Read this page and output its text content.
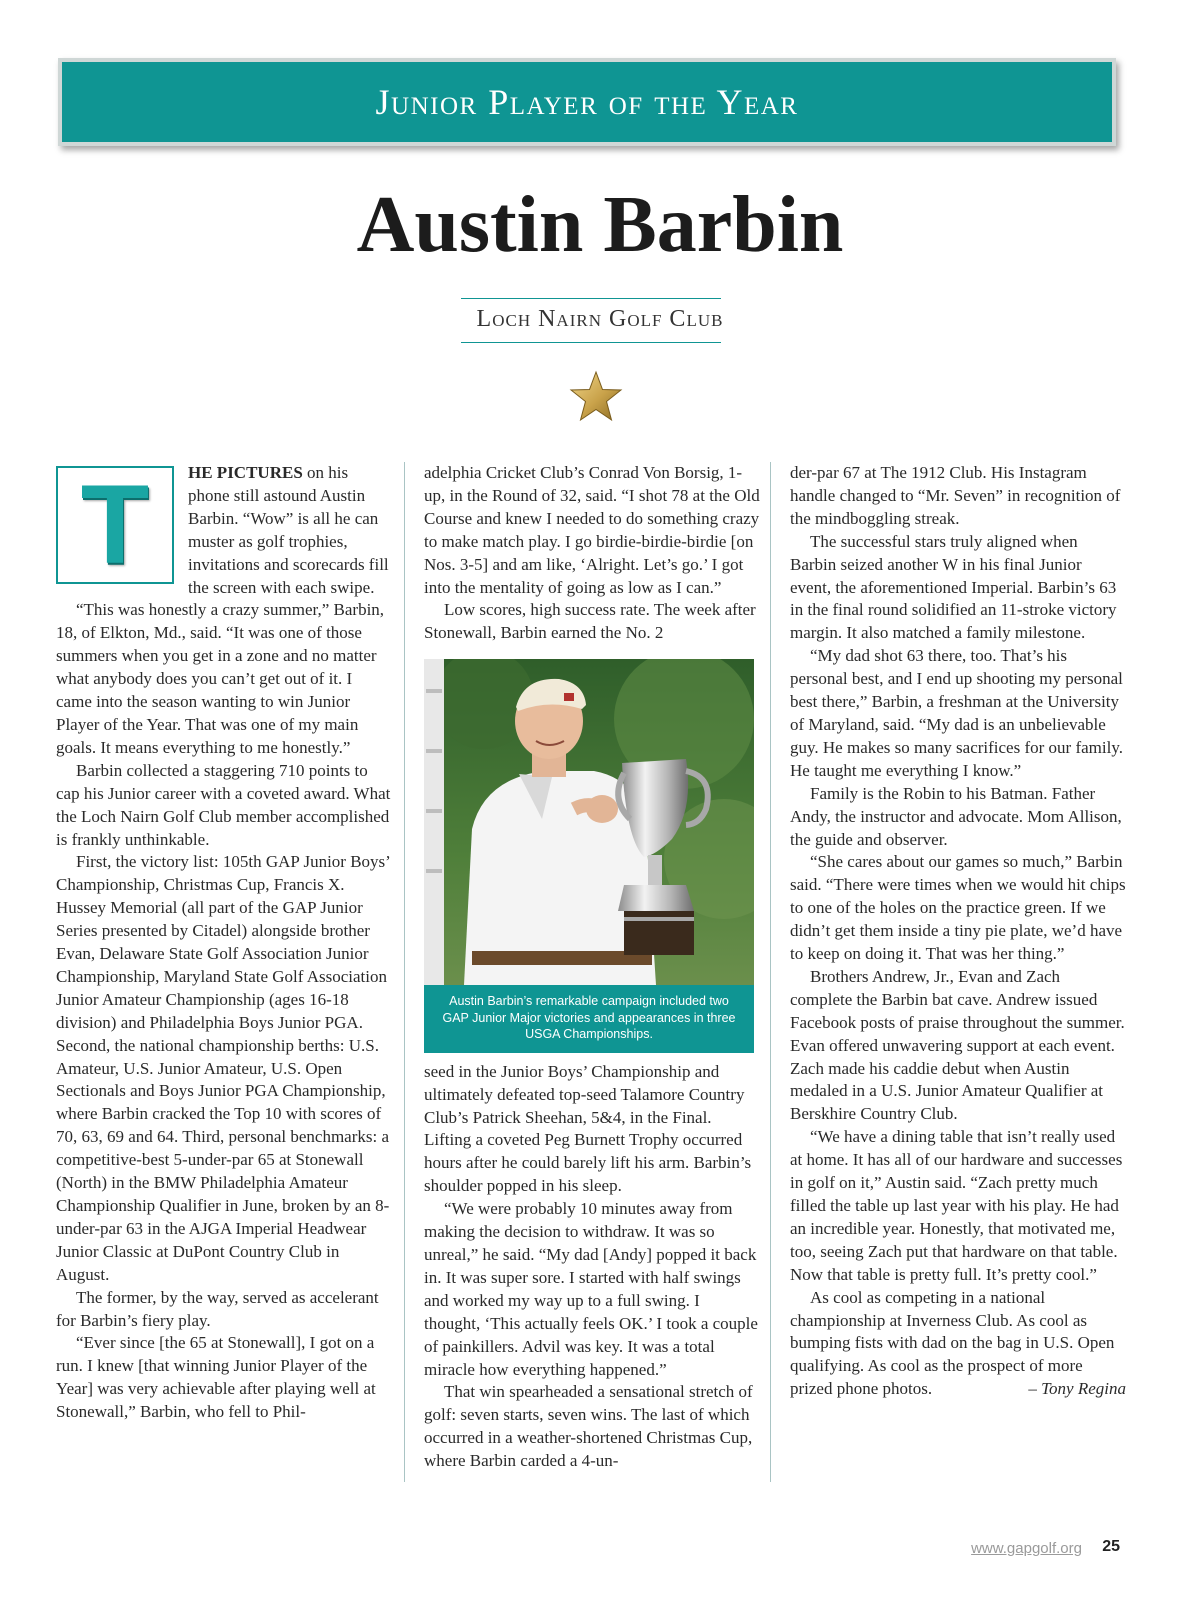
Junior Player of the Year
Austin Barbin
Loch Nairn Golf Club
T	HE PICTURES on his phone still astound Austin Barbin. “Wow” is all he can muster as golf trophies, invitations and scorecards fill the screen with each swipe.

“This was honestly a crazy summer,” Barbin, 18, of Elkton, Md., said. “It was one of those summers when you get in a zone and no matter what anybody does you can’t get out of it. I came into the season wanting to win Junior Player of the Year. That was one of my main goals. It means everything to me honestly.”

Barbin collected a staggering 710 points to cap his Junior career with a coveted award. What the Loch Nairn Golf Club member accomplished is frankly unthinkable.

First, the victory list: 105th GAP Junior Boys’ Championship, Christmas Cup, Francis X. Hussey Memorial (all part of the GAP Junior Series presented by Citadel) alongside brother Evan, Delaware State Golf Association Junior Championship, Maryland State Golf Association Junior Amateur Championship (ages 16-18 division) and Philadelphia Boys Junior PGA. Second, the national championship berths: U.S. Amateur, U.S. Junior Amateur, U.S. Open Sectionals and Boys Junior PGA Championship, where Barbin cracked the Top 10 with scores of 70, 63, 69 and 64. Third, personal benchmarks: a competitive-best 5-under-par 65 at Stonewall (North) in the BMW Philadelphia Amateur Championship Qualifier in June, broken by an 8-under-par 63 in the AJGA Imperial Headwear Junior Classic at DuPont Country Club in August.

The former, by the way, served as accelerant for Barbin’s fiery play.

“Ever since [the 65 at Stonewall], I got on a run. I knew [that winning Junior Player of the Year] was very achievable after playing well at Stonewall,” Barbin, who fell to Phil-

adelphia Cricket Club’s Conrad Von Borsig, 1-up, in the Round of 32, said. “I shot 78 at the Old Course and knew I needed to do something crazy to make match play. I go birdie-birdie-birdie [on Nos. 3-5] and am like, ‘Alright. Let’s go.’ I got into the mentality of going as low as I can.”

Low scores, high success rate. The week after Stonewall, Barbin earned the No. 2

Austin Barbin’s remarkable campaign included two GAP Junior Major victories and appearances in three USGA Championships.

seed in the Junior Boys’ Championship and ultimately defeated top-seed Talamore Country Club’s Patrick Sheehan, 5&4, in the Final. Lifting a coveted Peg Burnett Trophy occurred hours after he could barely lift his arm. Barbin’s shoulder popped in his sleep.

“We were probably 10 minutes away from making the decision to withdraw. It was so unreal,” he said. “My dad [Andy] popped it back in. It was super sore. I started with half swings and worked my way up to a full swing. I thought, ‘This actually feels OK.’ I took a couple of painkillers. Advil was key. It was a total miracle how everything happened.”

That win spearheaded a sensational stretch of golf: seven starts, seven wins. The last of which occurred in a weather-shortened Christmas Cup, where Barbin carded a 4-un-

der-par 67 at The 1912 Club. His Instagram handle changed to “Mr. Seven” in recognition of the mindboggling streak.

The successful stars truly aligned when Barbin seized another W in his final Junior event, the aforementioned Imperial. Barbin’s 63 in the final round solidified an 11-stroke victory margin. It also matched a family milestone.

“My dad shot 63 there, too. That’s his personal best, and I end up shooting my personal best there,” Barbin, a freshman at the University of Maryland, said. “My dad is an unbelievable guy. He makes so many sacrifices for our family. He taught me everything I know.”

Family is the Robin to his Batman. Father Andy, the instructor and advocate. Mom Allison, the guide and observer.

“She cares about our games so much,” Barbin said. “There were times when we would hit chips to one of the holes on the practice green. If we didn’t get them inside a tiny pie plate, we’d have to keep on doing it. That was her thing.”

Brothers Andrew, Jr., Evan and Zach complete the Barbin bat cave. Andrew issued Facebook posts of praise throughout the summer. Evan offered unwavering support at each event. Zach made his caddie debut when Austin medaled in a U.S. Junior Amateur Qualifier at Berskhire Country Club.

“We have a dining table that isn’t really used at home. It has all of our hardware and successes in golf on it,” Austin said. “Zach pretty much filled the table up last year with his play. He had an incredible year. Honestly, that motivated me, too, seeing Zach put that hardware on that table. Now that table is pretty full. It’s pretty cool.”

As cool as competing in a national championship at Inverness Club. As cool as bumping fists with dad on the bag in U.S. Open qualifying. As cool as the prospect of more prized phone photos.	– Tony Regina

www.gapgolf.org 25
